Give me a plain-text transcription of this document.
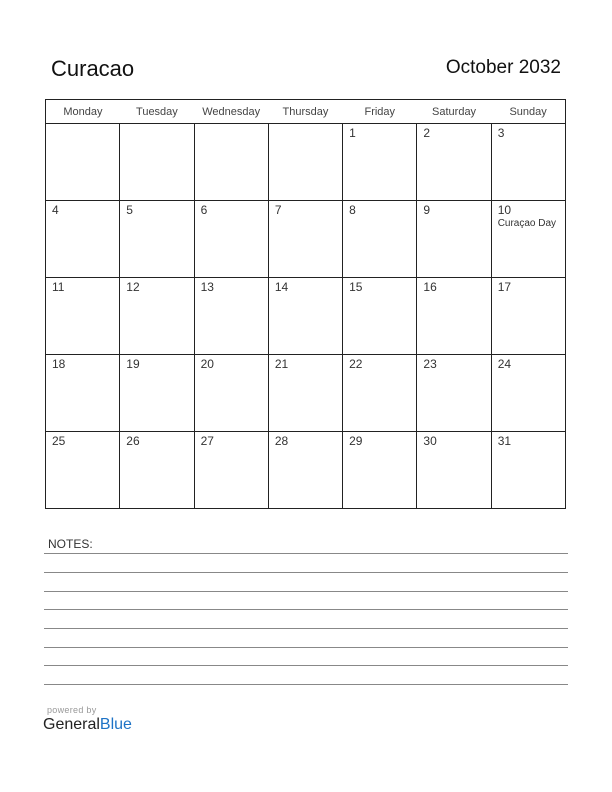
Curacao	October 2032
Monday	Tuesday	Wednesday	Thursday	Friday	Saturday	Sunday

				1	2	3

4	5	6	7	8	9	10
Curaçao Day

11	12	13	14	15	16	17

18	19	20	21	22	23	24

25	26	27	28	29	30	31
NOTES:
powered by
GeneralBlue
